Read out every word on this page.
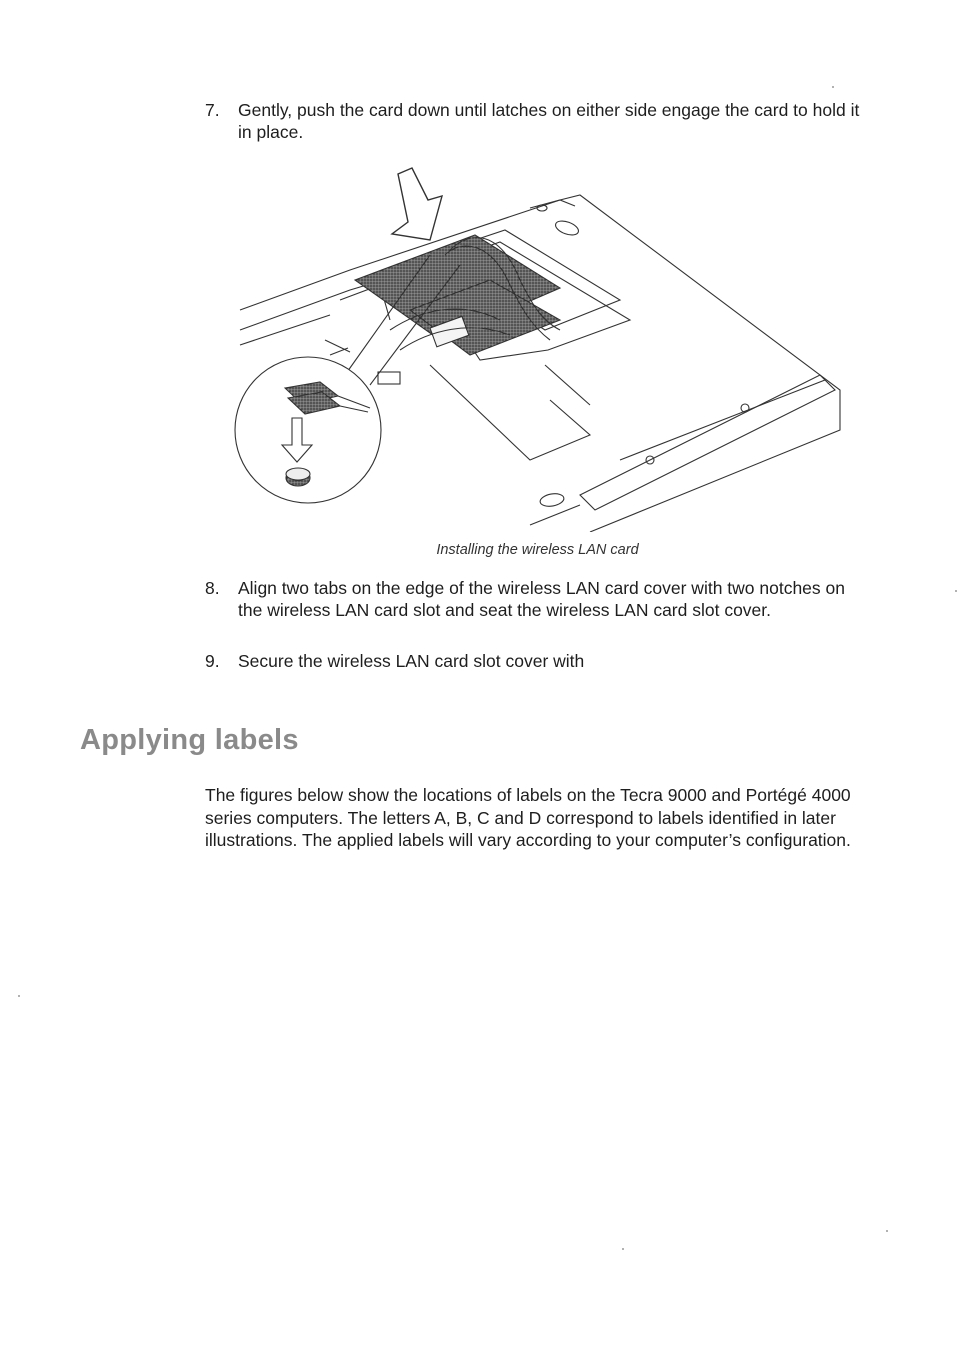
7.	Gently, push the card down until latches on either side engage the card to hold it in place.
Installing the wireless LAN card
8.	Align two tabs on the edge of the wireless LAN card cover with two notches on the wireless LAN card slot and seat the wireless LAN card slot cover.
9.	Secure the wireless LAN card slot cover with
Applying labels
The figures below show the locations of labels on the Tecra 9000 and Portégé 4000 series computers. The letters A, B, C and D correspond to labels identified in later illustrations. The applied labels will vary according to your computer’s configuration.
